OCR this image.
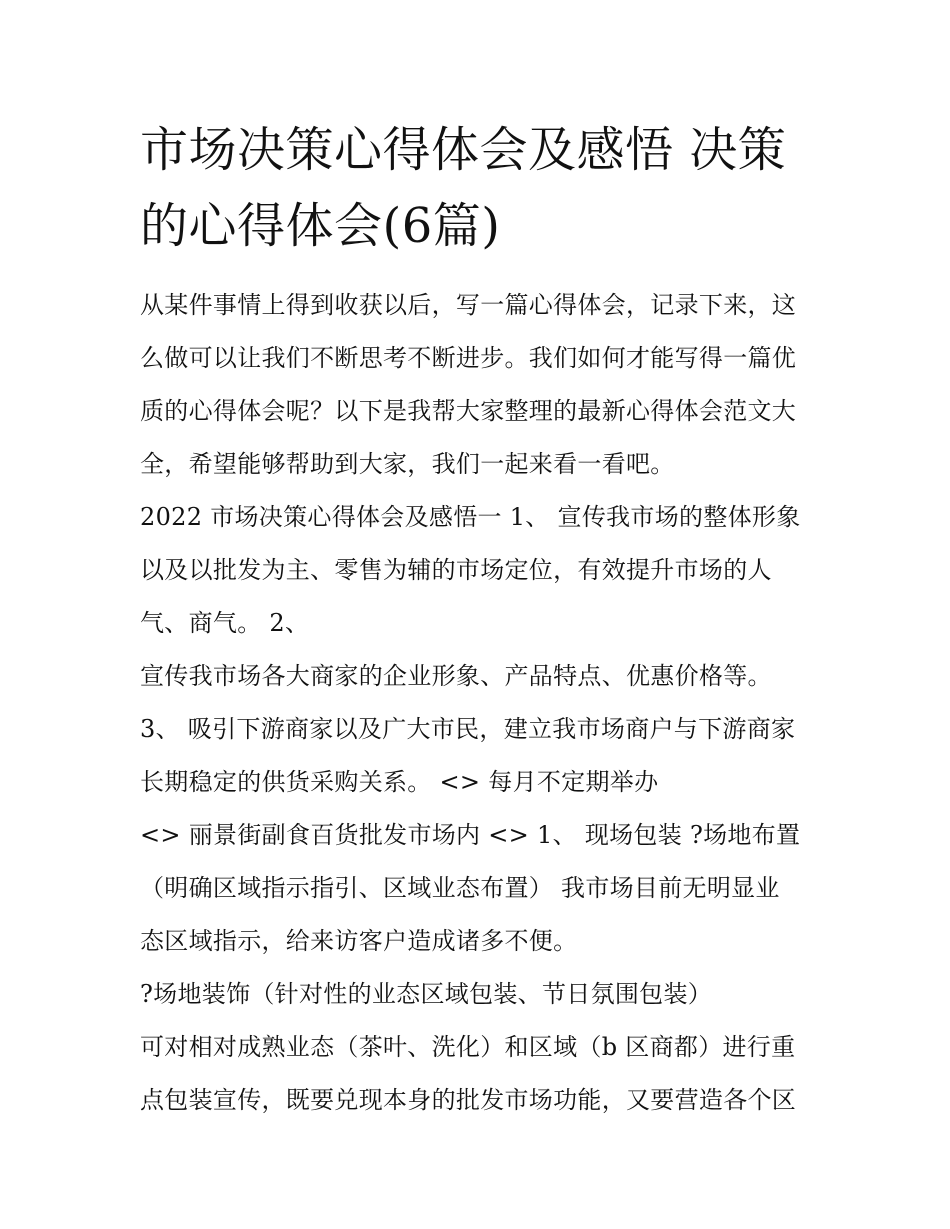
市场决策心得体会及感悟 决策
的心得体会(6篇)
从某件事情上得到收获以后，写一篇心得体会，记录下来，这
么做可以让我们不断思考不断进步。我们如何才能写得一篇优
质的心得体会呢？以下是我帮大家整理的最新心得体会范文大
全，希望能够帮助到大家，我们一起来看一看吧。
2022 市场决策心得体会及感悟一 1、 宣传我市场的整体形象
以及以批发为主、零售为辅的市场定位，有效提升市场的人
气、商气。 2、
宣传我市场各大商家的企业形象、产品特点、优惠价格等。
3、 吸引下游商家以及广大市民，建立我市场商户与下游商家
长期稳定的供货采购关系。 <> 每月不定期举办
<> 丽景街副食百货批发市场内 <> 1、 现场包装 ?场地布置
（明确区域指示指引、区域业态布置） 我市场目前无明显业
态区域指示，给来访客户造成诸多不便。
?场地装饰（针对性的业态区域包装、节日氛围包装）
可对相对成熟业态（茶叶、洗化）和区域（b 区商都）进行重
点包装宣传，既要兑现本身的批发市场功能，又要营造各个区
